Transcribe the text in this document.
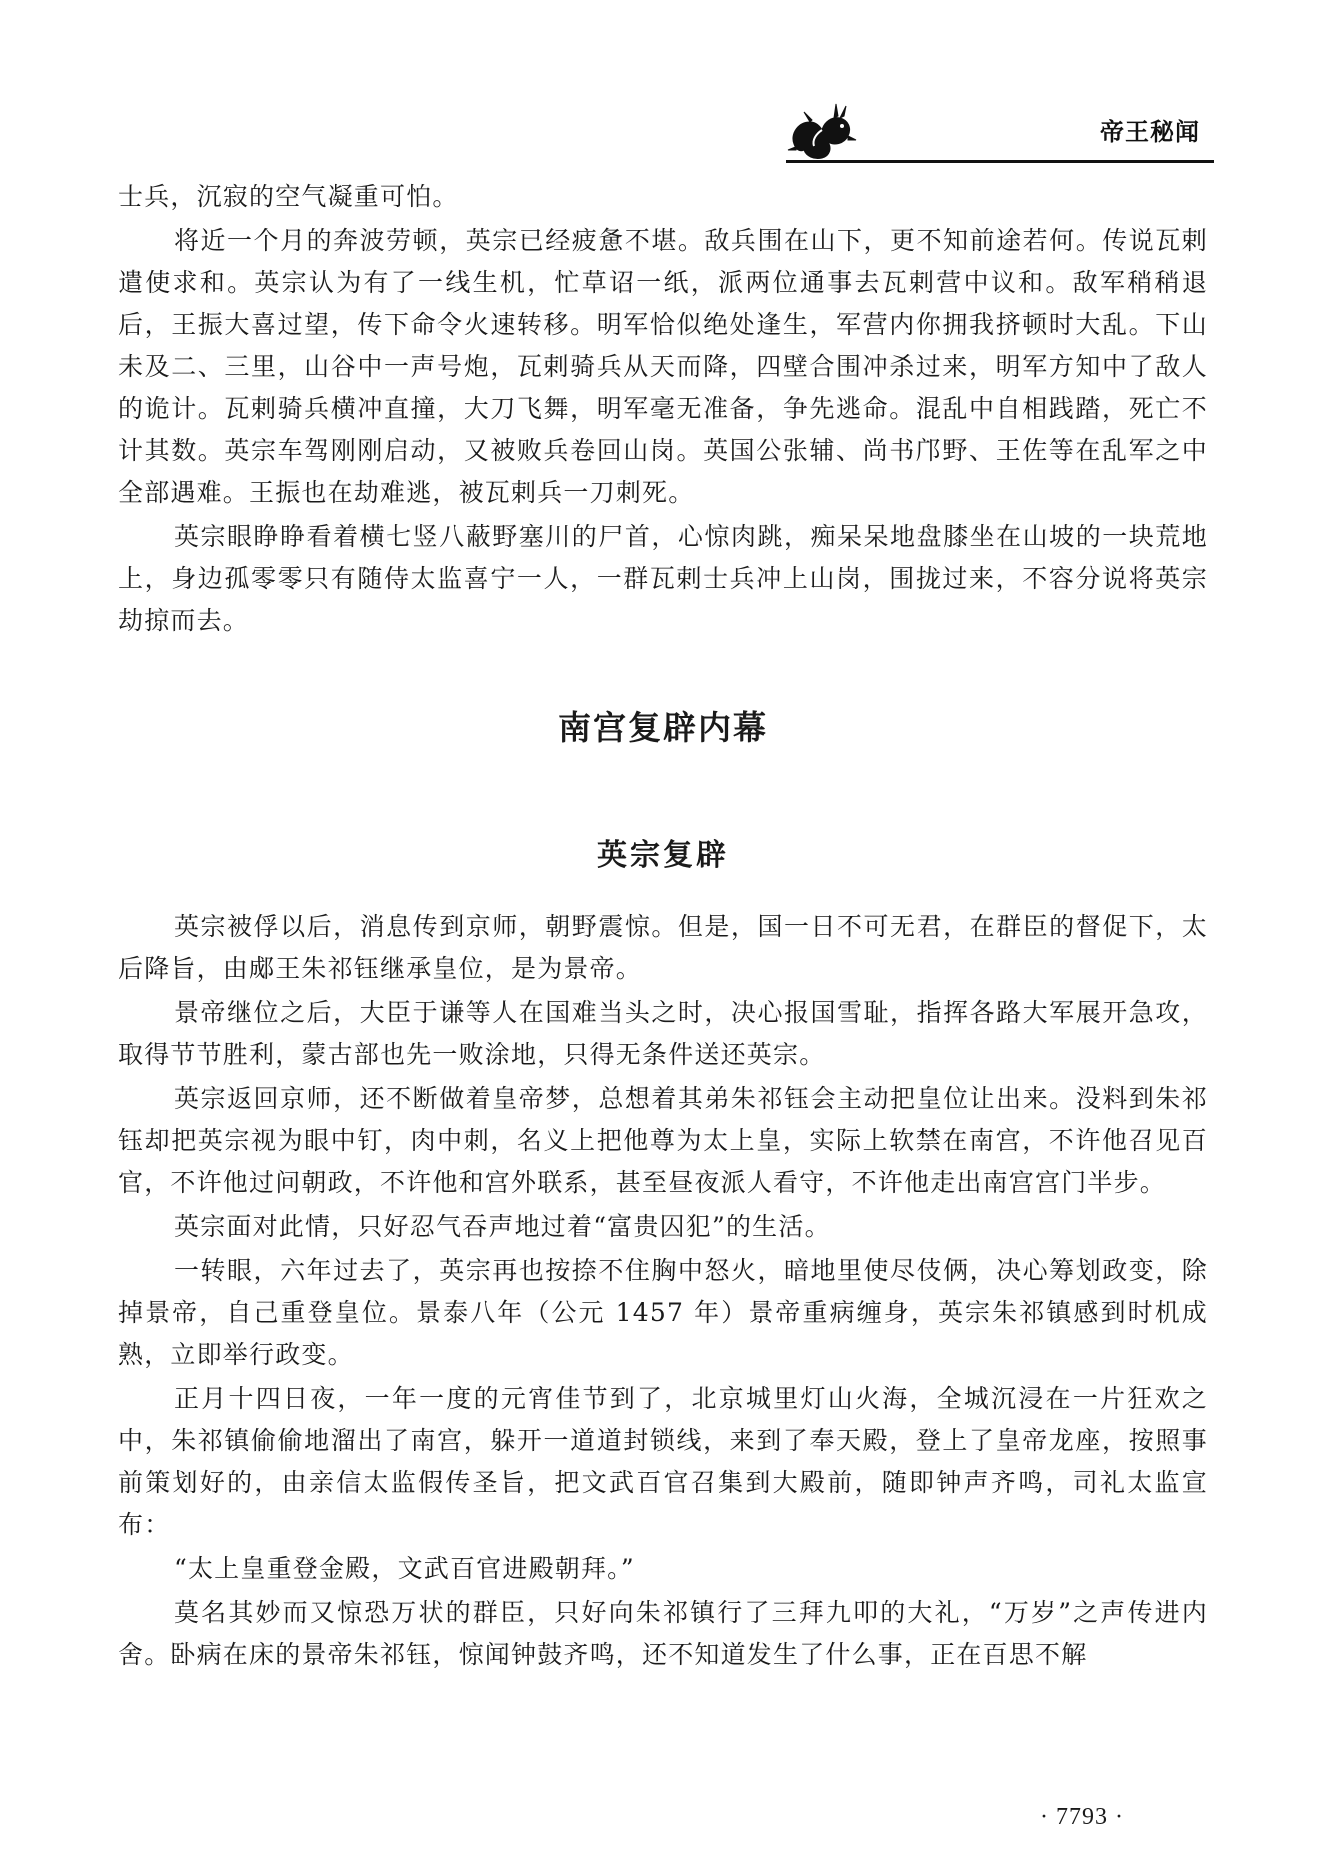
帝王秘闻

士兵，沉寂的空气凝重可怕。

将近一个月的奔波劳顿，英宗已经疲惫不堪。敌兵围在山下，更不知前途若何。传说瓦剌遣使求和。英宗认为有了一线生机，忙草诏一纸，派两位通事去瓦剌营中议和。敌军稍稍退后，王振大喜过望，传下命令火速转移。明军恰似绝处逢生，军营内你拥我挤顿时大乱。下山未及二、三里，山谷中一声号炮，瓦剌骑兵从天而降，四壁合围冲杀过来，明军方知中了敌人的诡计。瓦剌骑兵横冲直撞，大刀飞舞，明军毫无准备，争先逃命。混乱中自相践踏，死亡不计其数。英宗车驾刚刚启动，又被败兵卷回山岗。英国公张辅、尚书邝野、王佐等在乱军之中全部遇难。王振也在劫难逃，被瓦剌兵一刀刺死。

英宗眼睁睁看着横七竖八蔽野塞川的尸首，心惊肉跳，痴呆呆地盘膝坐在山坡的一块荒地上，身边孤零零只有随侍太监喜宁一人，一群瓦剌士兵冲上山岗，围拢过来，不容分说将英宗劫掠而去。

南宫复辟内幕
英宗复辟

英宗被俘以后，消息传到京师，朝野震惊。但是，国一日不可无君，在群臣的督促下，太后降旨，由郕王朱祁钰继承皇位，是为景帝。

景帝继位之后，大臣于谦等人在国难当头之时，决心报国雪耻，指挥各路大军展开急攻，取得节节胜利，蒙古部也先一败涂地，只得无条件送还英宗。

英宗返回京师，还不断做着皇帝梦，总想着其弟朱祁钰会主动把皇位让出来。没料到朱祁钰却把英宗视为眼中钉，肉中刺，名义上把他尊为太上皇，实际上软禁在南宫，不许他召见百官，不许他过问朝政，不许他和宫外联系，甚至昼夜派人看守，不许他走出南宫宫门半步。

英宗面对此情，只好忍气吞声地过着“富贵囚犯”的生活。

一转眼，六年过去了，英宗再也按捺不住胸中怒火，暗地里使尽伎俩，决心筹划政变，除掉景帝，自己重登皇位。景泰八年（公元 1457 年）景帝重病缠身，英宗朱祁镇感到时机成熟，立即举行政变。

正月十四日夜，一年一度的元宵佳节到了，北京城里灯山火海，全城沉浸在一片狂欢之中，朱祁镇偷偷地溜出了南宫，躲开一道道封锁线，来到了奉天殿，登上了皇帝龙座，按照事前策划好的，由亲信太监假传圣旨，把文武百官召集到大殿前，随即钟声齐鸣，司礼太监宣布：

“太上皇重登金殿，文武百官进殿朝拜。”

莫名其妙而又惊恐万状的群臣，只好向朱祁镇行了三拜九叩的大礼，“万岁”之声传进内舍。卧病在床的景帝朱祁钰，惊闻钟鼓齐鸣，还不知道发生了什么事，正在百思不解

· 7793 ·
